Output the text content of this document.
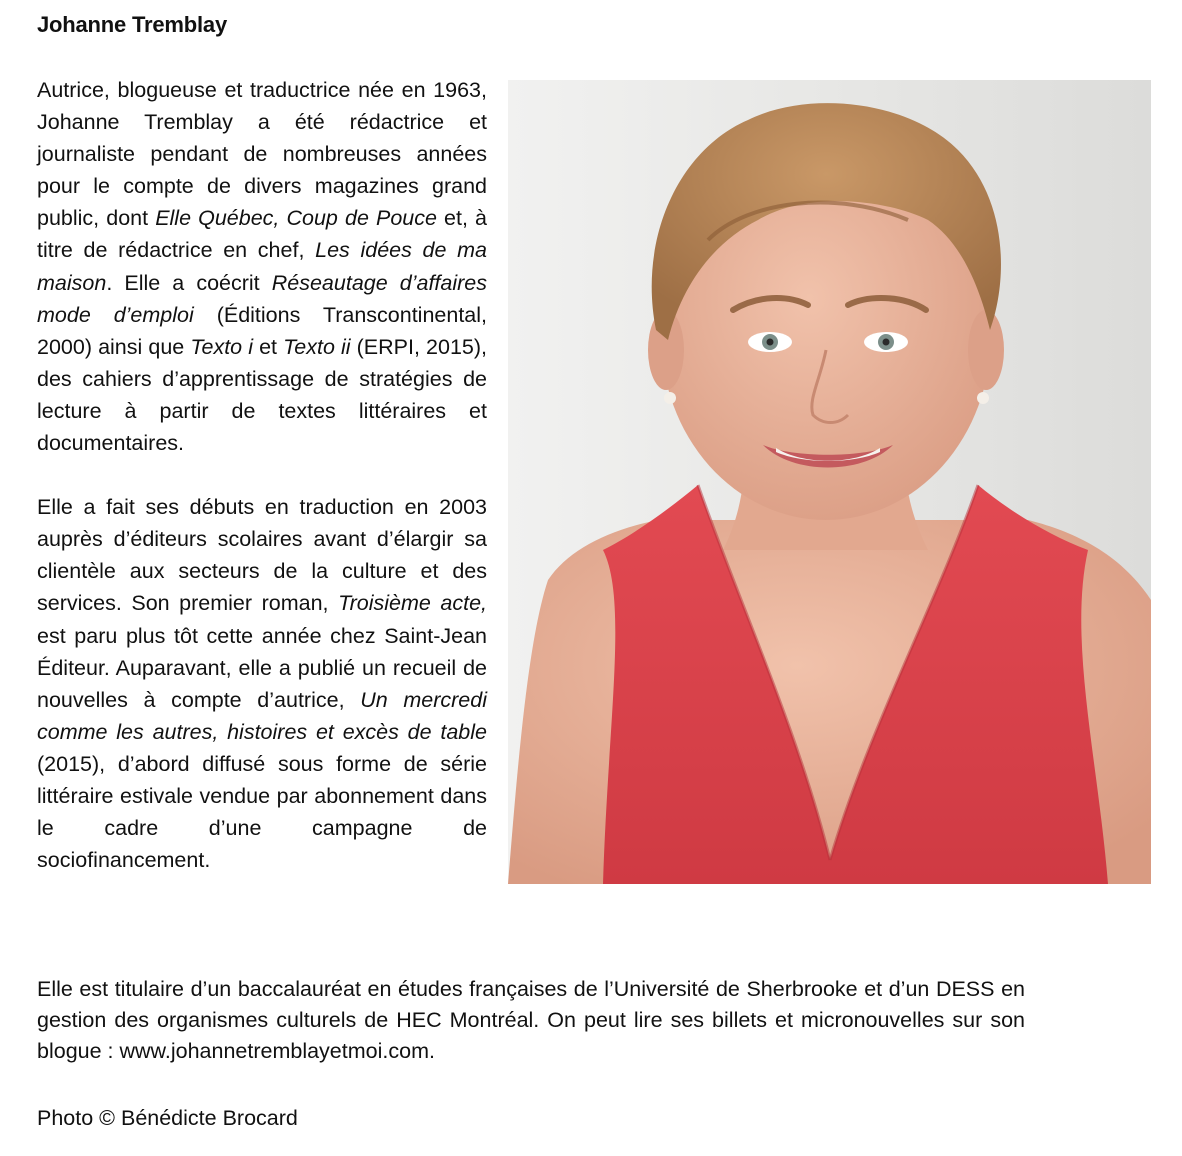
Johanne Tremblay

Autrice, blogueuse et traductrice née en 1963, Johanne Tremblay a été rédactrice et journaliste pendant de nombreuses années pour le compte de divers magazines grand public, dont Elle Québec, Coup de Pouce et, à titre de rédactrice en chef, Les idées de ma maison. Elle a coécrit Réseautage d’affaires mode d’emploi (Éditions Transcontinental, 2000) ainsi que Texto i et Texto ii (ERPI, 2015), des cahiers d’apprentissage de stratégies de lecture à partir de textes littéraires et documentaires.

Elle a fait ses débuts en traduction en 2003 auprès d’éditeurs scolaires avant d’élargir sa clientèle aux secteurs de la culture et des services. Son premier roman, Troisième acte, est paru plus tôt cette année chez Saint-Jean Éditeur. Auparavant, elle a publié un recueil de nouvelles à compte d’autrice, Un mercredi comme les autres, histoires et excès de table (2015), d’abord diffusé sous forme de série littéraire estivale vendue par abonnement dans le cadre d’une campagne de sociofinancement.

Elle est titulaire d’un baccalauréat en études françaises de l’Université de Sherbrooke et d’un DESS en gestion des organismes culturels de HEC Montréal. On peut lire ses billets et micronouvelles sur son blogue : www.johannetremblayetmoi.com.

Photo © Bénédicte Brocard
